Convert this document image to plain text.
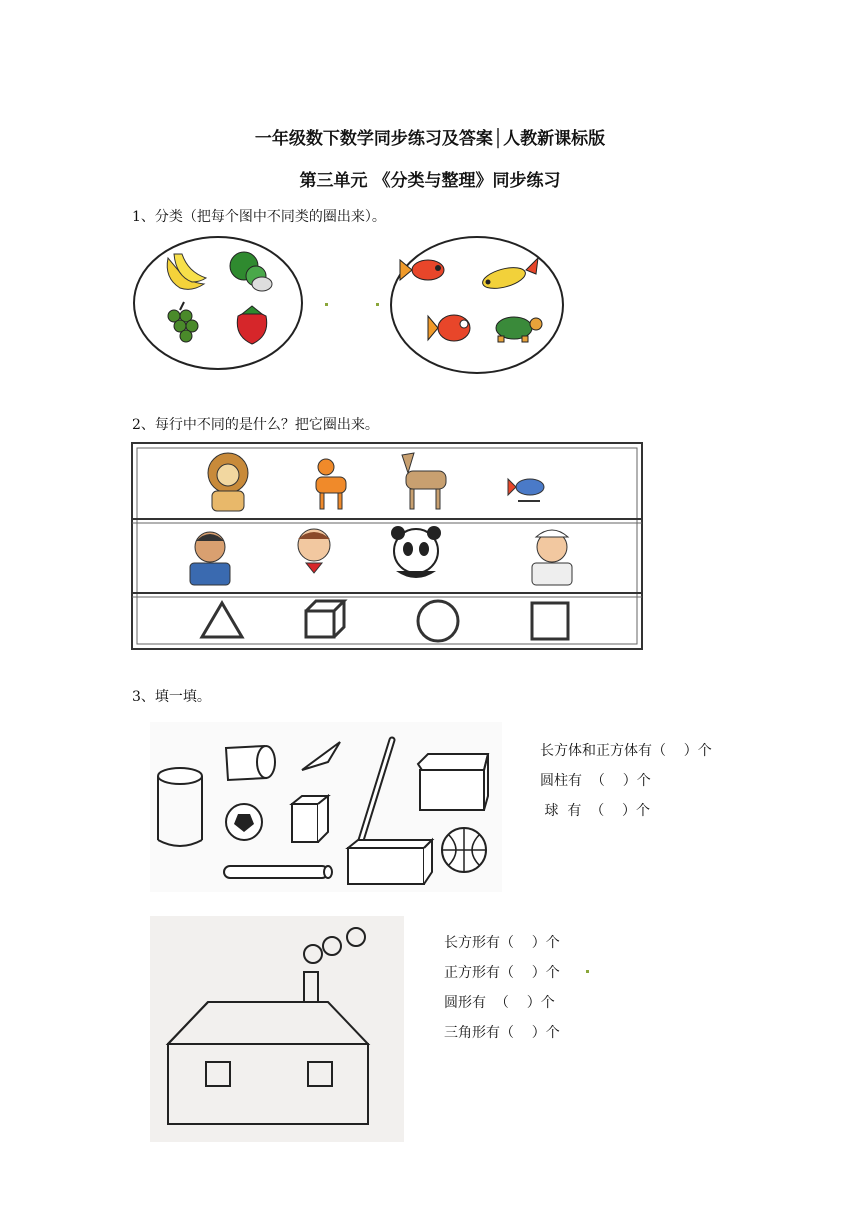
一年级数下数学同步练习及答案│人教新课标版
第三单元 《分类与整理》同步练习
1、分类（把每个图中不同类的圈出来）。
2、每行中不同的是什么？把它圈出来。
3、填一填。
长方体和正方体有（    ）个
圆柱有  （    ）个
球  有  （    ）个
长方形有（    ）个
正方形有（    ）个
圆形有  （    ）个
三角形有（    ）个
